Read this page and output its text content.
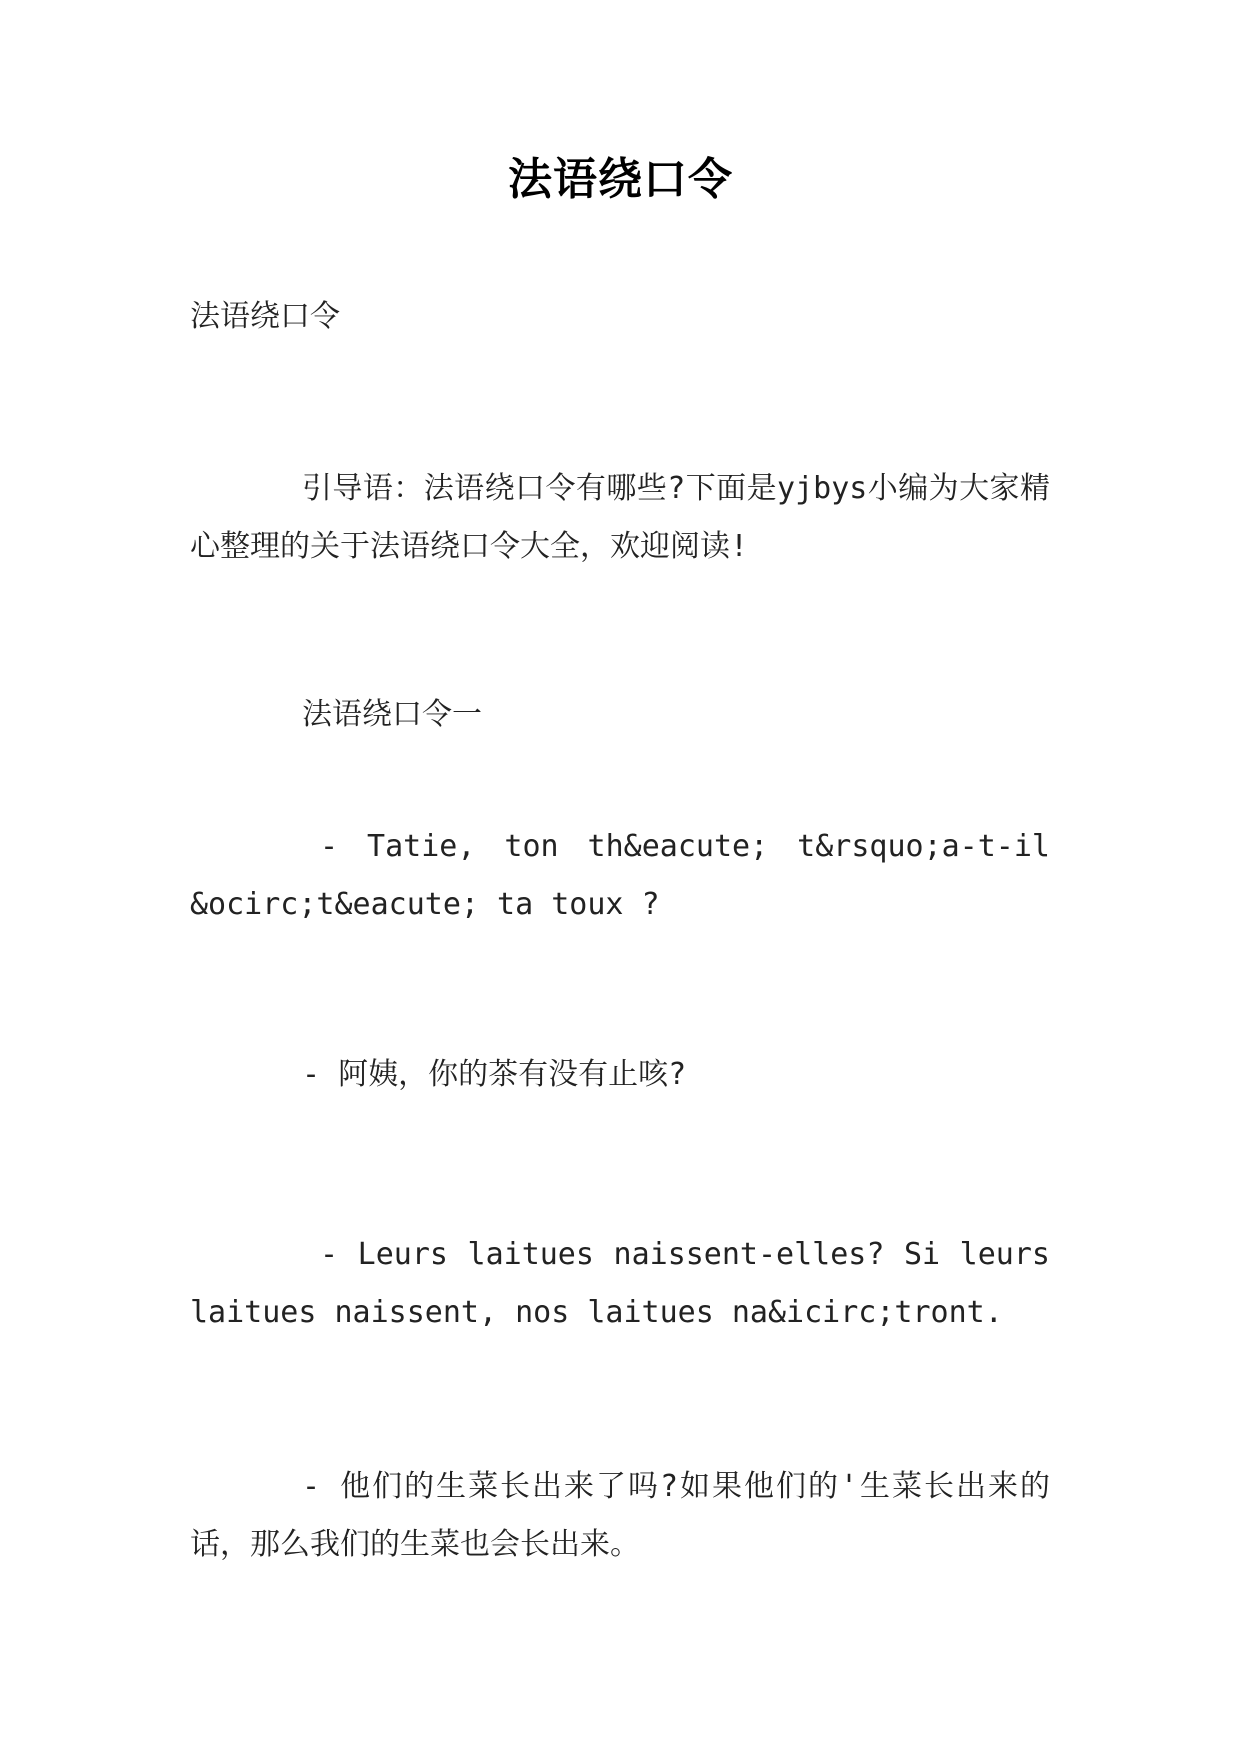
法语绕口令
法语绕口令
引导语：法语绕口令有哪些?下面是yjbys小编为大家精心整理的关于法语绕口令大全，欢迎阅读!
法语绕口令一
- Tatie, ton th&eacute; t&rsquo;a-t-il &ocirc;t&eacute; ta toux ?
- 阿姨，你的茶有没有止咳?
- Leurs laitues naissent-elles? Si leurs laitues naissent, nos laitues na&icirc;tront.
- 他们的生菜长出来了吗?如果他们的'生菜长出来的话，那么我们的生菜也会长出来。
